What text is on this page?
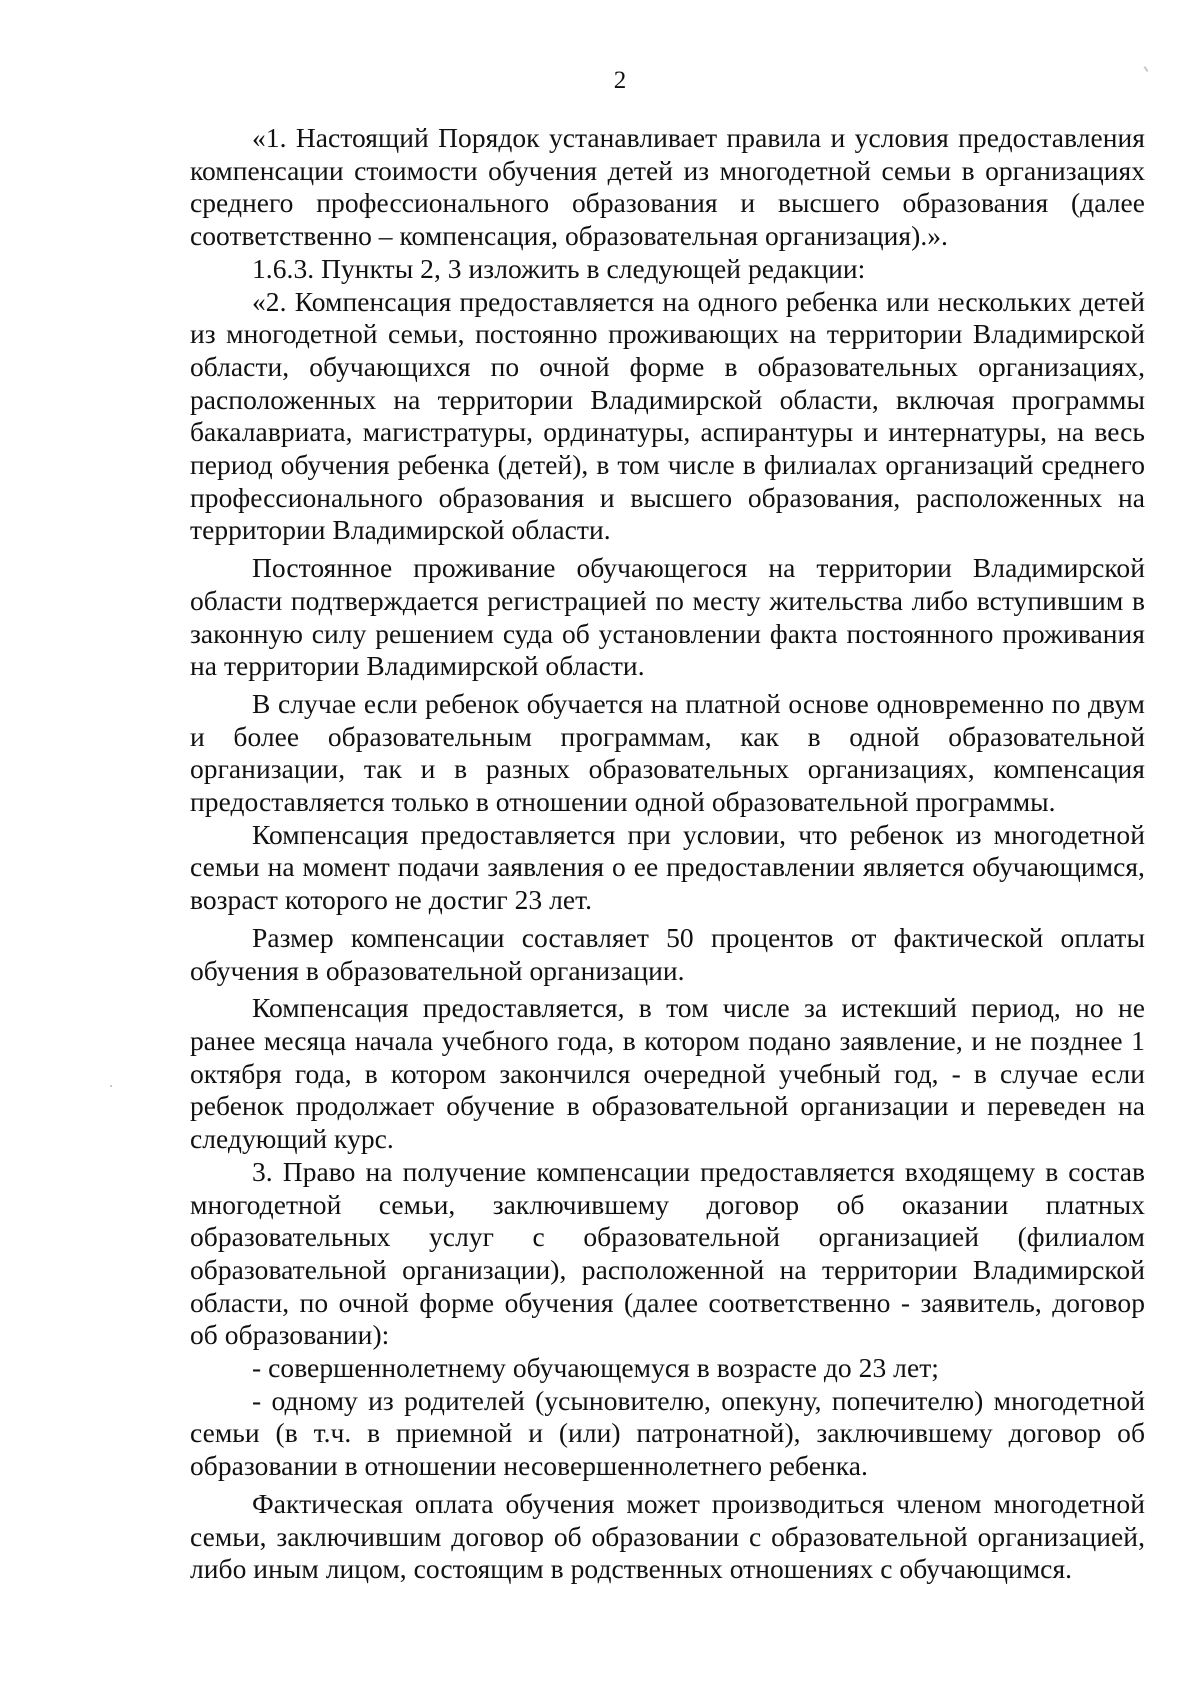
2

«1. Настоящий Порядок устанавливает правила и условия предоставления компенсации стоимости обучения детей из многодетной семьи в организациях среднего профессионального образования и высшего образования (далее соответственно – компенсация, образовательная организация).».

1.6.3. Пункты 2, 3 изложить в следующей редакции:

«2. Компенсация предоставляется на одного ребенка или нескольких детей из многодетной семьи, постоянно проживающих на территории Владимирской области, обучающихся по очной форме в образовательных организациях, расположенных на территории Владимирской области, включая программы бакалавриата, магистратуры, ординатуры, аспирантуры и интернатуры, на весь период обучения ребенка (детей), в том числе в филиалах организаций среднего профессионального образования и высшего образования, расположенных на территории Владимирской области.

Постоянное проживание обучающегося на территории Владимирской области подтверждается регистрацией по месту жительства либо вступившим в законную силу решением суда об установлении факта постоянного проживания на территории Владимирской области.

В случае если ребенок обучается на платной основе одновременно по двум и более образовательным программам, как в одной образовательной организации, так и в разных образовательных организациях, компенсация предоставляется только в отношении одной образовательной программы.

Компенсация предоставляется при условии, что ребенок из многодетной семьи на момент подачи заявления о ее предоставлении является обучающимся, возраст которого не достиг 23 лет.

Размер компенсации составляет 50 процентов от фактической оплаты обучения в образовательной организации.

Компенсация предоставляется, в том числе за истекший период, но не ранее месяца начала учебного года, в котором подано заявление, и не позднее 1 октября года, в котором закончился очередной учебный год, - в случае если ребенок продолжает обучение в образовательной организации и переведен на следующий курс.

3. Право на получение компенсации предоставляется входящему в состав многодетной семьи, заключившему договор об оказании платных образовательных услуг с образовательной организацией (филиалом образовательной организации), расположенной на территории Владимирской области, по очной форме обучения (далее соответственно - заявитель, договор об образовании):

- совершеннолетнему обучающемуся в возрасте до 23 лет;

- одному из родителей (усыновителю, опекуну, попечителю) многодетной семьи (в т.ч. в приемной и (или) патронатной), заключившему договор об образовании в отношении несовершеннолетнего ребенка.

Фактическая оплата обучения может производиться членом многодетной семьи, заключившим договор об образовании с образовательной организацией, либо иным лицом, состоящим в родственных отношениях с обучающимся.
